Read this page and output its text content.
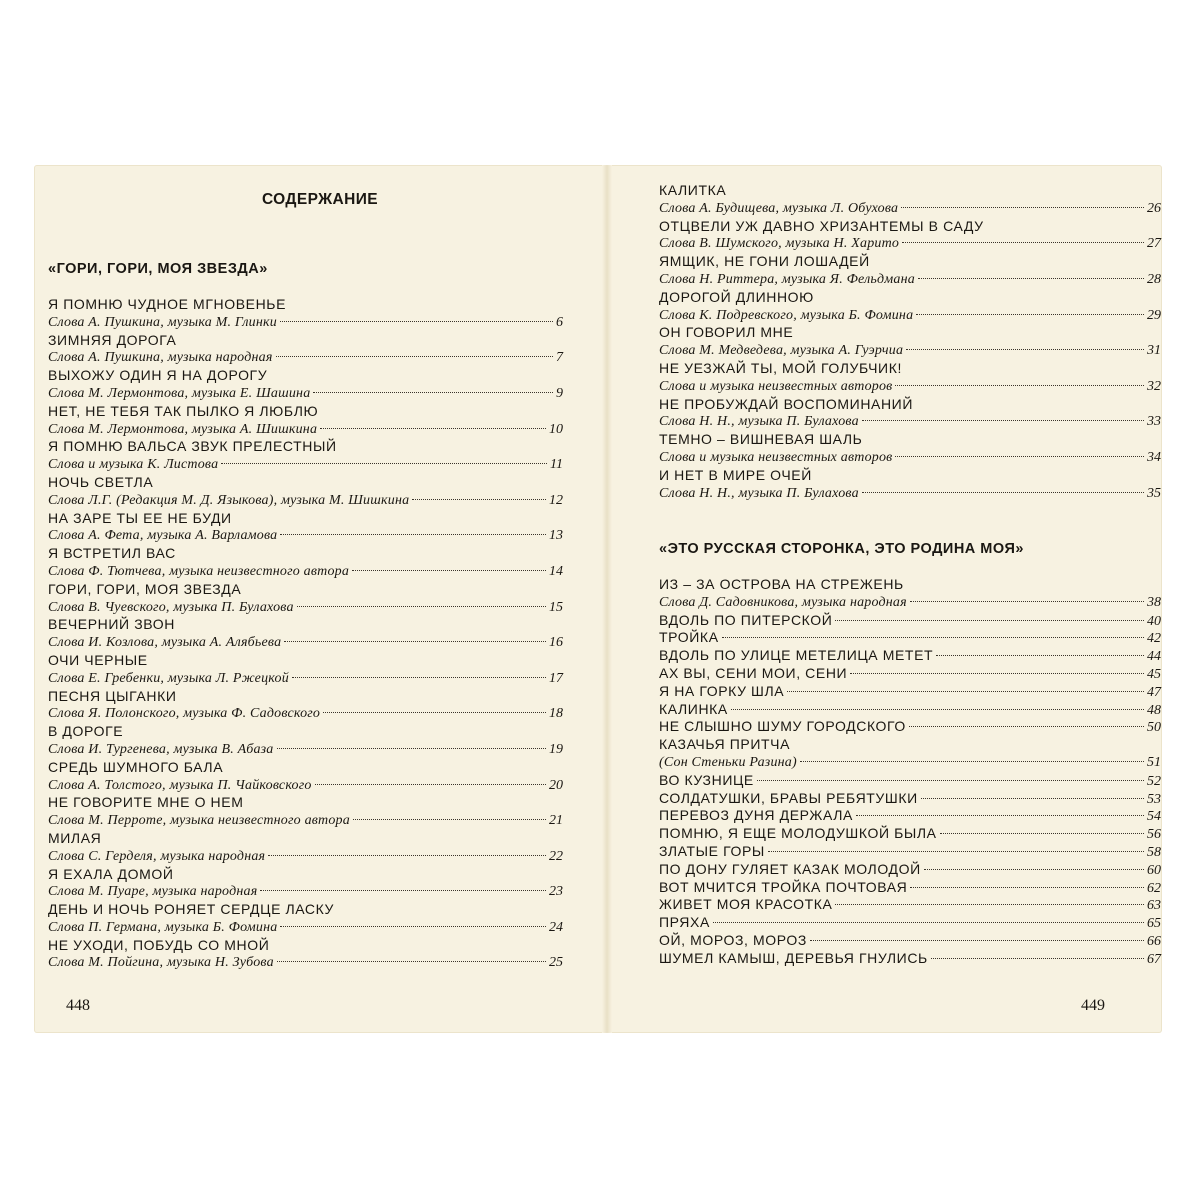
СОДЕРЖАНИЕ
«ГОРИ, ГОРИ, МОЯ ЗВЕЗДА»
Я ПОМНЮ ЧУДНОЕ МГНОВЕНЬЕ
Слова А. Пушкина, музыка М. Глинки	6
ЗИМНЯЯ ДОРОГА
Слова А. Пушкина, музыка народная	7
ВЫХОЖУ ОДИН Я НА ДОРОГУ
Слова М. Лермонтова, музыка Е. Шашина	9
НЕТ, НЕ ТЕБЯ ТАК ПЫЛКО Я ЛЮБЛЮ
Слова М. Лермонтова, музыка А. Шишкина	10
Я ПОМНЮ ВАЛЬСА ЗВУК ПРЕЛЕСТНЫЙ
Слова и музыка К. Листова	11
НОЧЬ СВЕТЛА
Слова Л.Г. (Редакция М. Д. Языкова), музыка М. Шишкина	12
НА ЗАРЕ ТЫ ЕЕ НЕ БУДИ
Слова А. Фета, музыка А. Варламова	13
Я ВСТРЕТИЛ ВАС
Слова Ф. Тютчева, музыка неизвестного автора	14
ГОРИ, ГОРИ, МОЯ ЗВЕЗДА
Слова В. Чуевского, музыка П. Булахова	15
ВЕЧЕРНИЙ ЗВОН
Слова И. Козлова, музыка А. Алябьева	16
ОЧИ ЧЕРНЫЕ
Слова Е. Гребенки, музыка Л. Ржецкой	17
ПЕСНЯ ЦЫГАНКИ
Слова Я. Полонского, музыка Ф. Садовского	18
В ДОРОГЕ
Слова И. Тургенева, музыка В. Абаза	19
СРЕДЬ ШУМНОГО БАЛА
Слова А. Толстого, музыка П. Чайковского	20
НЕ ГОВОРИТЕ МНЕ О НЕМ
Слова М. Перроте, музыка неизвестного автора	21
МИЛАЯ
Слова С. Герделя, музыка народная	22
Я ЕХАЛА ДОМОЙ
Слова М. Пуаре, музыка народная	23
ДЕНЬ И НОЧЬ РОНЯЕТ СЕРДЦЕ ЛАСКУ
Слова П. Германа, музыка Б. Фомина	24
НЕ УХОДИ, ПОБУДЬ СО МНОЙ
Слова М. Пойгина, музыка Н. Зубова	25
448
КАЛИТКА
Слова А. Будищева, музыка Л. Обухова	26
ОТЦВЕЛИ УЖ ДАВНО ХРИЗАНТЕМЫ В САДУ
Слова В. Шумского, музыка Н. Харито	27
ЯМЩИК, НЕ ГОНИ ЛОШАДЕЙ
Слова Н. Риттера, музыка Я. Фельдмана	28
ДОРОГОЙ ДЛИННОЮ
Слова К. Подревского, музыка Б. Фомина	29
ОН ГОВОРИЛ МНЕ
Слова М. Медведева, музыка А. Гуэрчиа	31
НЕ УЕЗЖАЙ ТЫ, МОЙ ГОЛУБЧИК!
Слова и музыка неизвестных авторов	32
НЕ ПРОБУЖДАЙ ВОСПОМИНАНИЙ
Слова Н. Н., музыка П. Булахова	33
ТЕМНО – ВИШНЕВАЯ ШАЛЬ
Слова и музыка неизвестных авторов	34
И НЕТ В МИРЕ ОЧЕЙ
Слова Н. Н., музыка П. Булахова	35
«ЭТО РУССКАЯ СТОРОНКА, ЭТО РОДИНА МОЯ»
ИЗ – ЗА ОСТРОВА НА СТРЕЖЕНЬ
Слова Д. Садовникова, музыка народная	38
ВДОЛЬ ПО ПИТЕРСКОЙ	40
ТРОЙКА	42
ВДОЛЬ ПО УЛИЦЕ МЕТЕЛИЦА МЕТЕТ	44
АХ ВЫ, СЕНИ МОИ, СЕНИ	45
Я НА ГОРКУ ШЛА	47
КАЛИНКА	48
НЕ СЛЫШНО ШУМУ ГОРОДСКОГО	50
КАЗАЧЬЯ ПРИТЧА
(Сон Стеньки Разина)	51
ВО КУЗНИЦЕ	52
СОЛДАТУШКИ, БРАВЫ РЕБЯТУШКИ	53
ПЕРЕВОЗ ДУНЯ ДЕРЖАЛА	54
ПОМНЮ, Я ЕЩЕ МОЛОДУШКОЙ БЫЛА	56
ЗЛАТЫЕ ГОРЫ	58
ПО ДОНУ ГУЛЯЕТ КАЗАК МОЛОДОЙ	60
ВОТ МЧИТСЯ ТРОЙКА ПОЧТОВАЯ	62
ЖИВЕТ МОЯ КРАСОТКА	63
ПРЯХА	65
ОЙ, МОРОЗ, МОРОЗ	66
ШУМЕЛ КАМЫШ, ДЕРЕВЬЯ ГНУЛИСЬ	67
449
